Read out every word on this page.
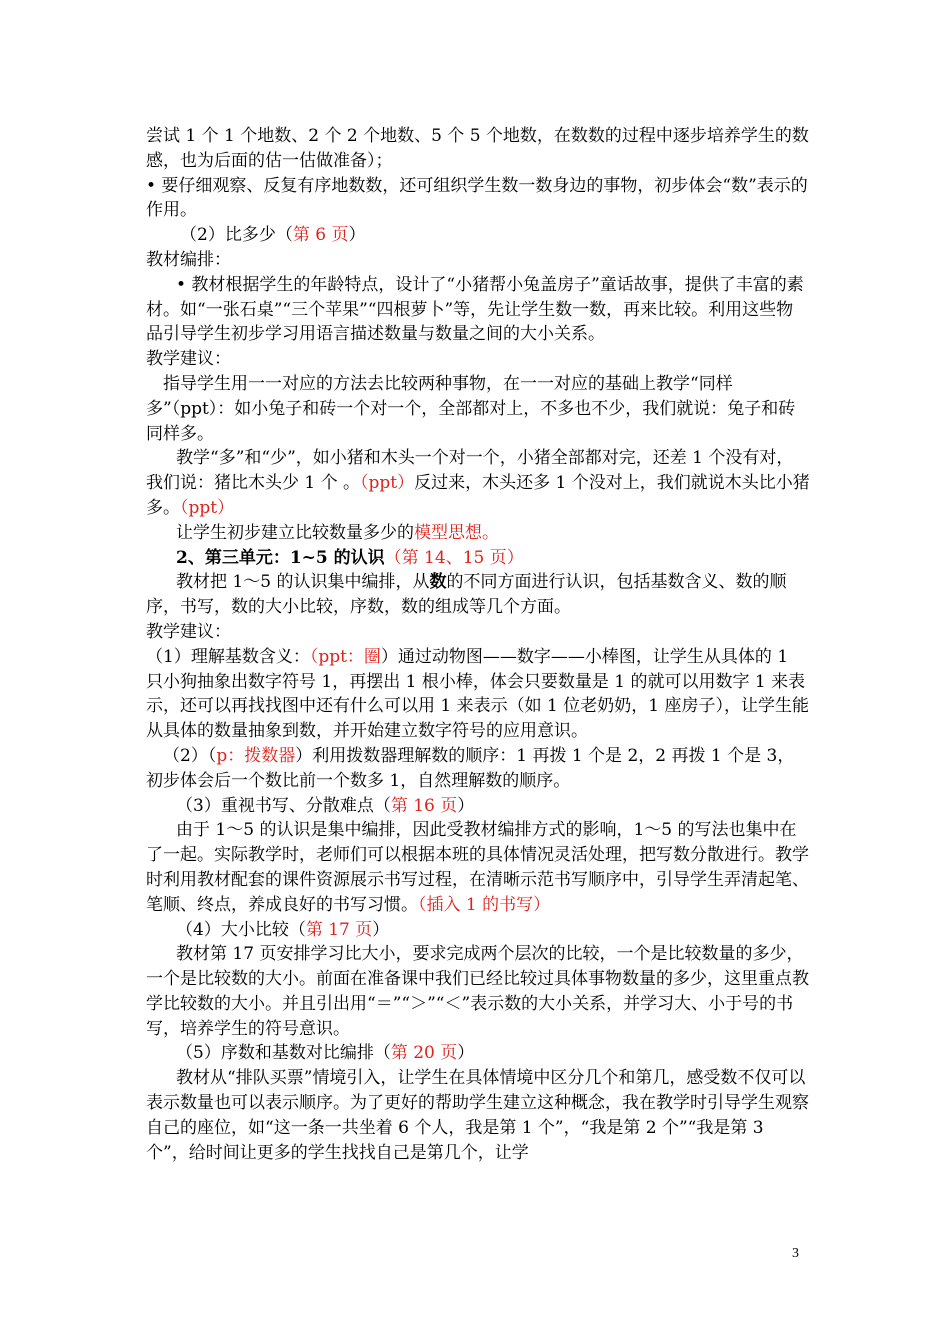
尝试 1 个 1 个地数、2 个 2 个地数、5 个 5 个地数，在数数的过程中逐步培养学生的数感，也为后面的估一估做准备）；

• 要仔细观察、反复有序地数数，还可组织学生数一数身边的事物，初步体会“数”表示的作用。

（2）比多少（第 6 页）

教材编排：

• 教材根据学生的年龄特点，设计了“小猪帮小兔盖房子”童话故事，提供了丰富的素材。如“一张石桌”“三个苹果”“四根萝卜”等，先让学生数一数，再来比较。利用这些物品引导学生初步学习用语言描述数量与数量之间的大小关系。

教学建议：

指导学生用一一对应的方法去比较两种事物，在一一对应的基础上教学“同样多”（ppt）：如小兔子和砖一个对一个，全部都对上，不多也不少，我们就说：兔子和砖同样多。

教学“多”和“少”，如小猪和木头一个对一个，小猪全部都对完，还差 1 个没有对，我们说：猪比木头少 1 个 。（ppt）反过来，木头还多 1 个没对上，我们就说木头比小猪多。（ppt）

让学生初步建立比较数量多少的模型思想。

2、第三单元：1~5 的认识（第 14、15 页）

教材把 1～5 的认识集中编排，从数的不同方面进行认识，包括基数含义、数的顺序，书写，数的大小比较，序数，数的组成等几个方面。

教学建议：

（1）理解基数含义：（ppt：圈）通过动物图——数字——小棒图，让学生从具体的 1 只小狗抽象出数字符号 1，再摆出 1 根小棒，体会只要数量是 1 的就可以用数字 1 来表示，还可以再找找图中还有什么可以用 1 来表示（如 1 位老奶奶，1 座房子），让学生能从具体的数量抽象到数，并开始建立数字符号的应用意识。

（2）（p：拨数器）利用拨数器理解数的顺序：1 再拨 1 个是 2，2 再拨 1 个是 3，初步体会后一个数比前一个数多 1，自然理解数的顺序。

（3）重视书写、分散难点（第 16 页）

由于 1～5 的认识是集中编排，因此受教材编排方式的影响，1～5 的写法也集中在了一起。实际教学时，老师们可以根据本班的具体情况灵活处理，把写数分散进行。教学时利用教材配套的课件资源展示书写过程，在清晰示范书写顺序中，引导学生弄清起笔、笔顺、终点，养成良好的书写习惯。（插入 1 的书写）

（4）大小比较（第 17 页）

教材第 17 页安排学习比大小，要求完成两个层次的比较，一个是比较数量的多少，一个是比较数的大小。前面在准备课中我们已经比较过具体事物数量的多少，这里重点教学比较数的大小。并且引出用“＝”“＞”“＜”表示数的大小关系，并学习大、小于号的书写，培养学生的符号意识。

（5）序数和基数对比编排（第 20 页）

教材从“排队买票”情境引入，让学生在具体情境中区分几个和第几，感受数不仅可以表示数量也可以表示顺序。为了更好的帮助学生建立这种概念，我在教学时引导学生观察自己的座位，如“这一条一共坐着 6 个人，我是第 1 个”，“我是第 2 个”“我是第 3 个”，给时间让更多的学生找找自己是第几个，让学

3
